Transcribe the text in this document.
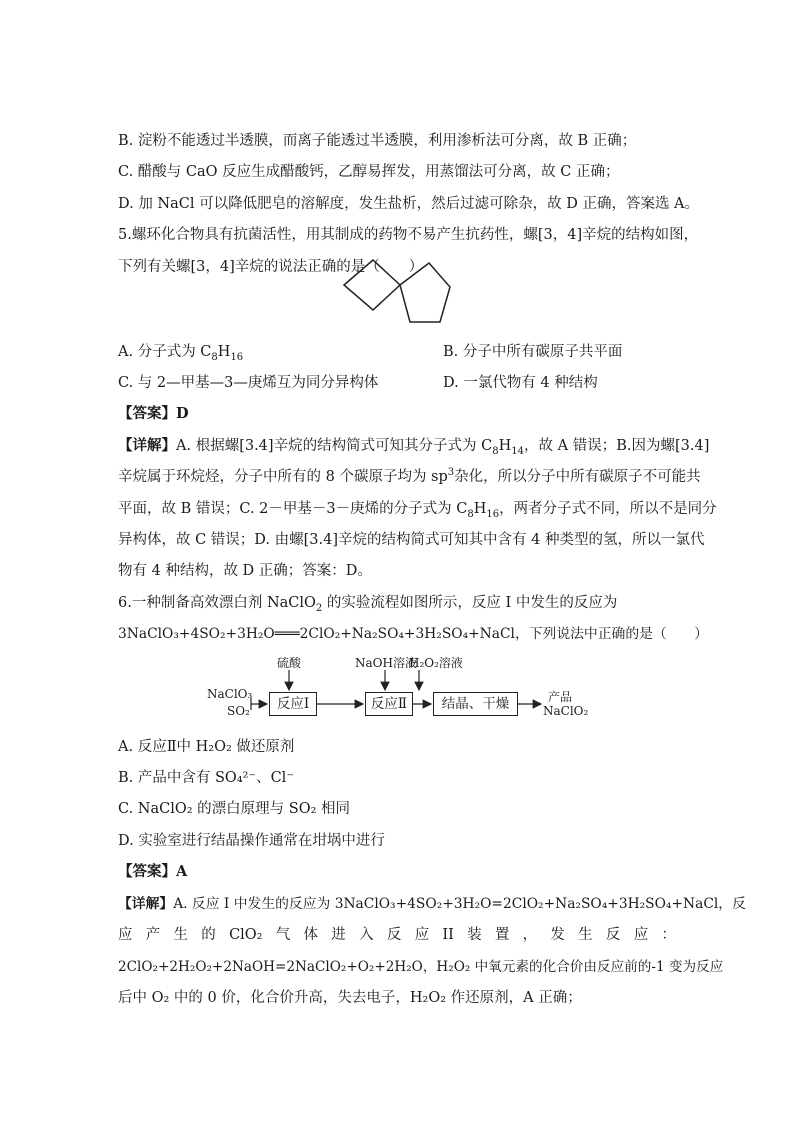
B. 淀粉不能透过半透膜，而离子能透过半透膜，利用渗析法可分离，故 B 正确；
C. 醋酸与 CaO 反应生成醋酸钙，乙醇易挥发，用蒸馏法可分离，故 C 正确；
D. 加 NaCl 可以降低肥皂的溶解度，发生盐析，然后过滤可除杂，故 D 正确，答案选 A。
5.螺环化合物具有抗菌活性，用其制成的药物不易产生抗药性，螺[3，4]辛烷的结构如图，
下列有关螺[3，4]辛烷的说法正确的是（　　）
A. 分子式为 $C_8H_{16}$	B. 分子中所有碳原子共平面
C. 与 2—甲基—3—庚烯互为同分异构体	D. 一氯代物有 4 种结构
【答案】D
【详解】A. 根据螺[3.4]辛烷的结构简式可知其分子式为 $C_8H_{14}$，故 A 错误；B.因为螺[3.4]
辛烷属于环烷烃，分子中所有的 8 个碳原子均为 $sp^3$杂化，所以分子中所有碳原子不可能共
平面，故 B 错误；C. 2－甲基－3－庚烯的分子式为 $C_8H_{16}$，两者分子式不同，所以不是同分
异构体，故 C 错误；D. 由螺[3.4]辛烷的结构简式可知其中含有 4 种类型的氢，所以一氯代
物有 4 种结构，故 D 正确；答案：D。
6.一种制备高效漂白剂 NaClO$_2$ 的实验流程如图所示，反应 I 中发生的反应为
3NaClO₃+4SO₂+3H₂O═══2ClO₂+Na₂SO₄+3H₂SO₄+NaCl，下列说法中正确的是（　　）
NaClO₃
SO₂
硫酸	NaOH溶液
H₂O₂溶液
反应Ⅰ	反应Ⅱ	结晶、干燥	产品
NaClO₂
A. 反应Ⅱ中 H₂O₂ 做还原剂
B. 产品中含有 SO₄²⁻、Cl⁻
C. NaClO₂ 的漂白原理与 SO₂ 相同
D. 实验室进行结晶操作通常在坩埚中进行
【答案】A
【详解】A. 反应 I 中发生的反应为 3NaClO₃+4SO₂+3H₂O=2ClO₂+Na₂SO₄+3H₂SO₄+NaCl，反
应 产 生 的 ClO₂ 气 体 进 入 反 应 II 装 置 ， 发 生 反 应 ：
2ClO₂+2H₂O₂+2NaOH=2NaClO₂+O₂+2H₂O，H₂O₂ 中氧元素的化合价由反应前的-1 变为反应
后中 O₂ 中的 0 价，化合价升高，失去电子，H₂O₂ 作还原剂，A 正确；
